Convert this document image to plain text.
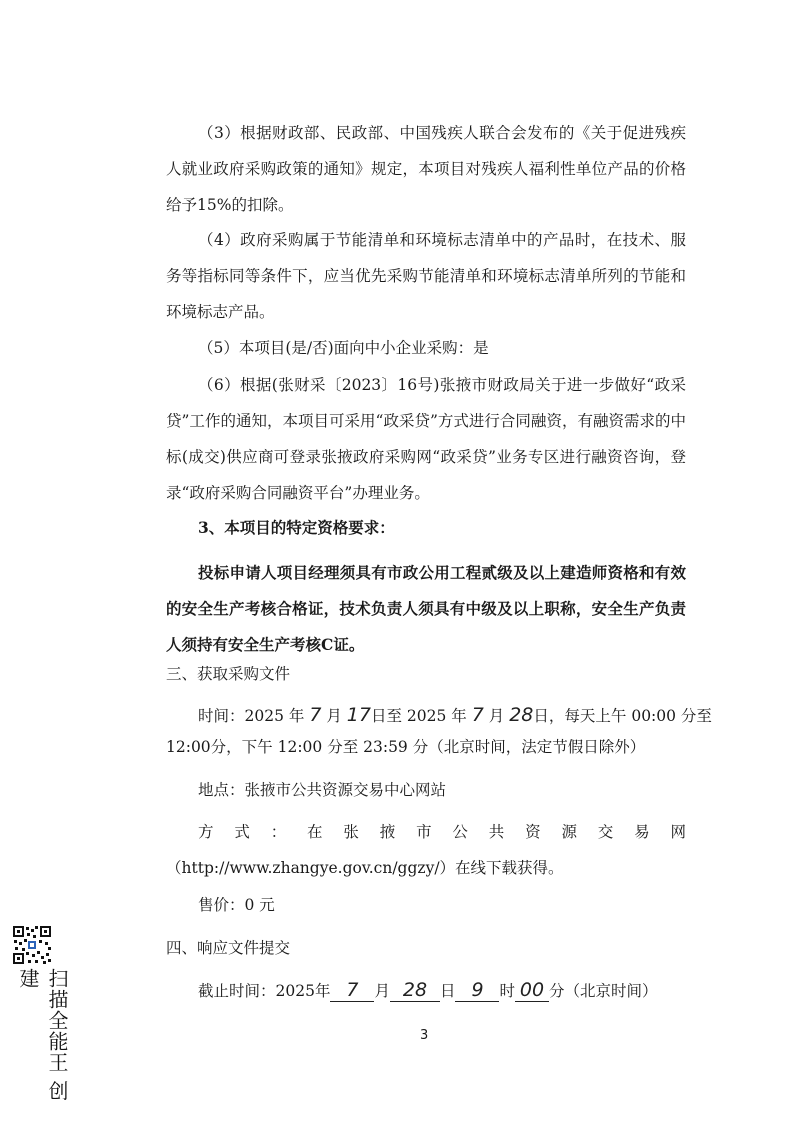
（3）根据财政部、民政部、中国残疾人联合会发布的《关于促进残疾人就业政府采购政策的通知》规定，本项目对残疾人福利性单位产品的价格给予15%的扣除。

（4）政府采购属于节能清单和环境标志清单中的产品时，在技术、服务等指标同等条件下，应当优先采购节能清单和环境标志清单所列的节能和环境标志产品。

（5）本项目(是/否)面向中小企业采购：是

（6）根据(张财采〔2023〕16号)张掖市财政局关于进一步做好“政采贷”工作的通知，本项目可采用“政采贷”方式进行合同融资，有融资需求的中标(成交)供应商可登录张掖政府采购网“政采贷”业务专区进行融资咨询，登录“政府采购合同融资平台”办理业务。

3、本项目的特定资格要求：

投标申请人项目经理须具有市政公用工程贰级及以上建造师资格和有效的安全生产考核合格证，技术负责人须具有中级及以上职称，安全生产负责人须持有安全生产考核C证。

三、获取采购文件

时间：2025 年 7 月 17日至 2025 年 7 月 28日，每天上午 00:00 分至
12:00分，下午 12:00 分至 23:59 分（北京时间，法定节假日除外）
地点：张掖市公共资源交易中心网站

方式：在张掖市公共资源交易网（http://www.zhangye.gov.cn/ggzy/）在线下载获得。

售价：0 元
四、响应文件提交
截止时间：2025年 7 月 28 日 9 时 00 分（北京时间）
3
扫描全能王 创建
